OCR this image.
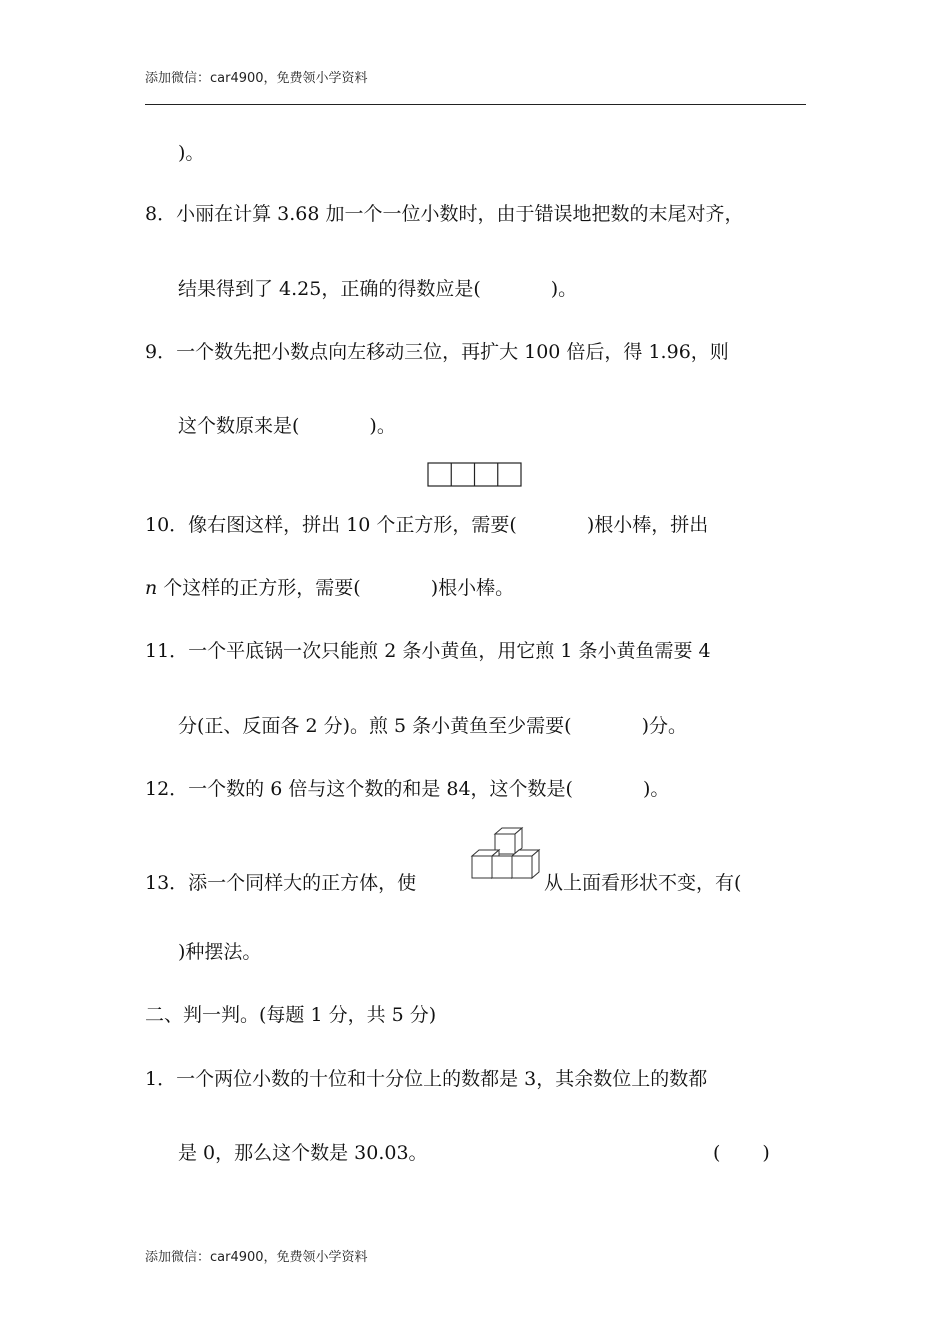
添加微信：car4900，免费领小学资料
)。
8．小丽在计算 3.68 加一个一位小数时，由于错误地把数的末尾对齐，
结果得到了 4.25，正确的得数应是(	)。
9．一个数先把小数点向左移动三位，再扩大 100 倍后，得 1.96，则
这个数原来是(	)。
10．像右图这样，拼出 10 个正方形，需要(	)根小棒，拼出
n 个这样的正方形，需要(	)根小棒。
11．一个平底锅一次只能煎 2 条小黄鱼，用它煎 1 条小黄鱼需要 4
分(正、反面各 2 分)。煎 5 条小黄鱼至少需要(	)分。
12．一个数的 6 倍与这个数的和是 84，这个数是(	)。
13．添一个同样大的正方体，使	从上面看形状不变，有(
)种摆法。
二、判一判。(每题 1 分，共 5 分)
1．一个两位小数的十位和十分位上的数都是 3，其余数位上的数都
是 0，那么这个数是 30.03。	( )
添加微信：car4900，免费领小学资料
